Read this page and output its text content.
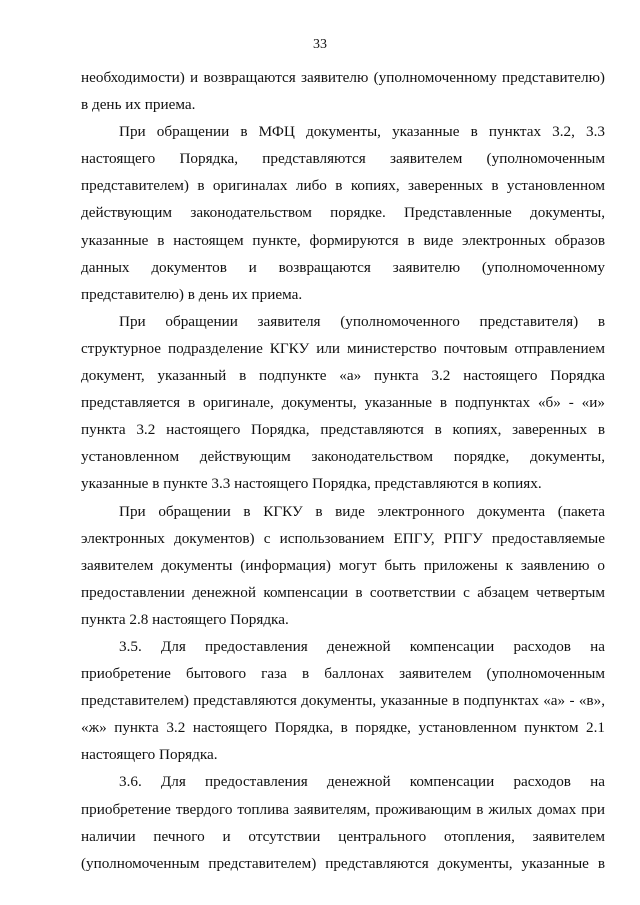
33

необходимости) и возвращаются заявителю (уполномоченному представителю)

в день их приема.

При обращении в МФЦ документы, указанные в пунктах 3.2, 3.3

настоящего Порядка, представляются заявителем (уполномоченным

представителем) в оригиналах либо в копиях, заверенных в установленном

действующим законодательством порядке. Представленные документы,

указанные в настоящем пункте, формируются в виде электронных образов

данных документов и возвращаются заявителю (уполномоченному

представителю) в день их приема.

При обращении заявителя (уполномоченного представителя) в

структурное подразделение КГКУ или министерство почтовым отправлением

документ, указанный в подпункте «а» пункта 3.2 настоящего Порядка

представляется в оригинале, документы, указанные в подпунктах «б» - «и»

пункта 3.2 настоящего Порядка, представляются в копиях, заверенных в

установленном действующим законодательством порядке, документы,

указанные в пункте 3.3 настоящего Порядка, представляются в копиях.

При обращении в КГКУ в виде электронного документа (пакета

электронных документов) с использованием ЕПГУ, РПГУ предоставляемые

заявителем документы (информация) могут быть приложены к заявлению о

предоставлении денежной компенсации в соответствии с абзацем четвертым

пункта 2.8 настоящего Порядка.

3.5. Для предоставления денежной компенсации расходов на

приобретение бытового газа в баллонах заявителем (уполномоченным

представителем) представляются документы, указанные в подпунктах «а» - «в»,

«ж» пункта 3.2 настоящего Порядка, в порядке, установленном пунктом 2.1

настоящего Порядка.

3.6. Для предоставления денежной компенсации расходов на

приобретение твердого топлива заявителям, проживающим в жилых домах при

наличии печного и отсутствии центрального отопления, заявителем

(уполномоченным представителем) представляются документы, указанные в
